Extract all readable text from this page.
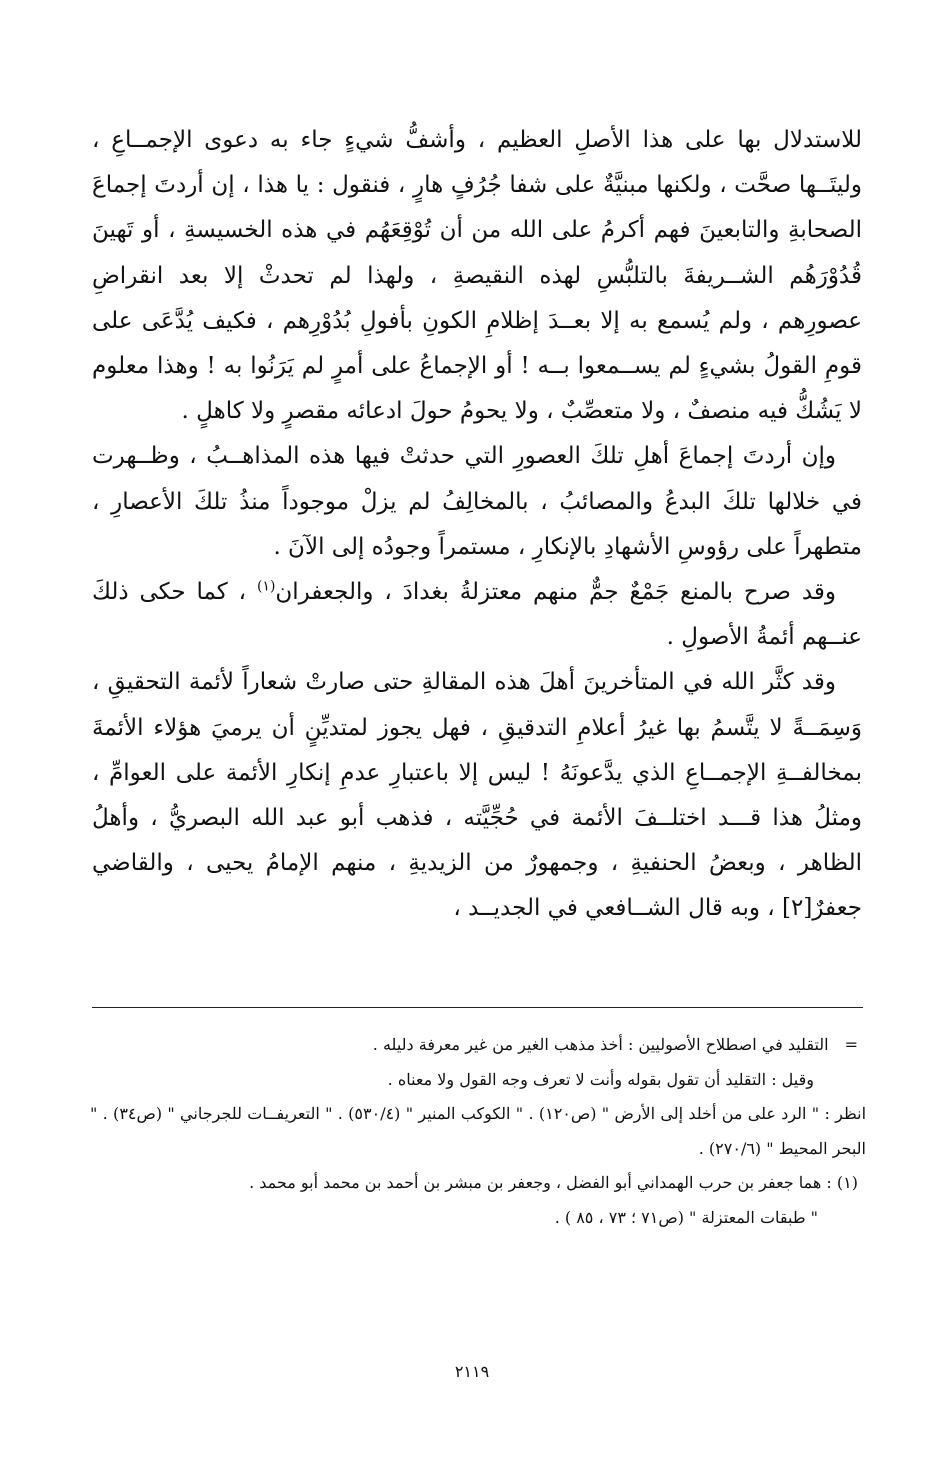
للاستدلال بها على هذا الأصلِ العظيم ، وأشفُّ شيءٍ جاء به دعوى الإجمــاعِ ، وليتَــها صحَّت ، ولكنها مبنيَّةٌ على شفا جُرُفٍ هارٍ ، فنقول : يا هذا ، إن أردتَ إجماعَ الصحابةِ والتابعينَ فهم أكرمُ على الله من أن تُوْقِعَهُم في هذه الخسيسةِ ، أو تَهينَ قُدُوْرَهُم الشــريفةَ بالتلبُّسِ لهذه النقيصةِ ، ولهذا لم تحدثْ إلا بعد انقراضِ عصورِهم ، ولم يُسمع به إلا بعــدَ إظلامِ الكونِ بأفولِ بُدُوْرِهم ، فكيف يُدَّعَى على قومِ القولُ بشيءٍ لم يســمعوا بــه ! أو الإجماعُ على أمرٍ لم يَرَنُوا به ! وهذا معلوم لا يَشُكُّ فيه منصفٌ ، ولا متعصِّبٌ ، ولا يحومُ حولَ ادعائه مقصرٍ ولا كاهلٍ .

وإن أردتَ إجماعَ أهلِ تلكَ العصورِ التي حدثتْ فيها هذه المذاهــبُ ، وظــهرت في خلالها تلكَ البدعُ والمصائبُ ، بالمخالِفُ لم يزلْ موجوداً منذُ تلكَ الأعصارِ ، متطهراً على رؤوسِ الأشهادِ بالإنكارِ ، مستمراً وجودُه إلى الآنَ .

وقد صرح بالمنع جَمْعٌ جمٌّ منهم معتزلةُ بغدادَ ، والجعفران$^{(١)}$ ، كما حكى ذلكَ عنــهم أئمةُ الأصولِ .

وقد كثَّر الله في المتأخرينَ أهلَ هذه المقالةِ حتى صارتْ شعاراً لأئمة التحقيقِ ، وَسِمَــةً لا يتَّسمُ بها غيرُ أعلامِ التدقيقِ ، فهل يجوز لمتديِّنٍ أن يرميَ هؤلاء الأئمةَ بمخالفــةِ الإجمــاعِ الذي يدَّعونَهُ ! ليس إلا باعتبارِ عدمِ إنكارِ الأئمة على العوامِّ ، ومثلُ هذا قـــد اختلــفَ الأئمة في حُجِّيَّته ، فذهب أبو عبد الله البصريُّ ، وأهلُ الظاهر ، وبعضُ الحنفيةِ ، وجمهورٌ من الزيديةِ ، منهم الإمامُ يحيى ، والقاضي جعفرٌ[٢] ، وبه قال الشــافعي في الجديــد ،

=التقليد في اصطلاح الأصوليين : أخذ مذهب الغير من غير معرفة دليله .

وقيل : التقليد أن تقول بقوله وأنت لا تعرف وجه القول ولا معناه .

انظر : " الرد على من أخلد إلى الأرض " (ص١٢٠) . " الكوكب المنير " (٥٣٠/٤) . " التعريفــات للجرجاني " (ص٣٤) . " البحر المحيط " (٢٧٠/٦) .

(١) : هما جعفر بن حرب الهمداني أبو الفضل ، وجعفر بن مبشر بن أحمد بن محمد أبو محمد .

" طبقات المعتزلة " (ص٧١ ؛ ٧٣ ، ٨٥ ) .

٢١١٩
